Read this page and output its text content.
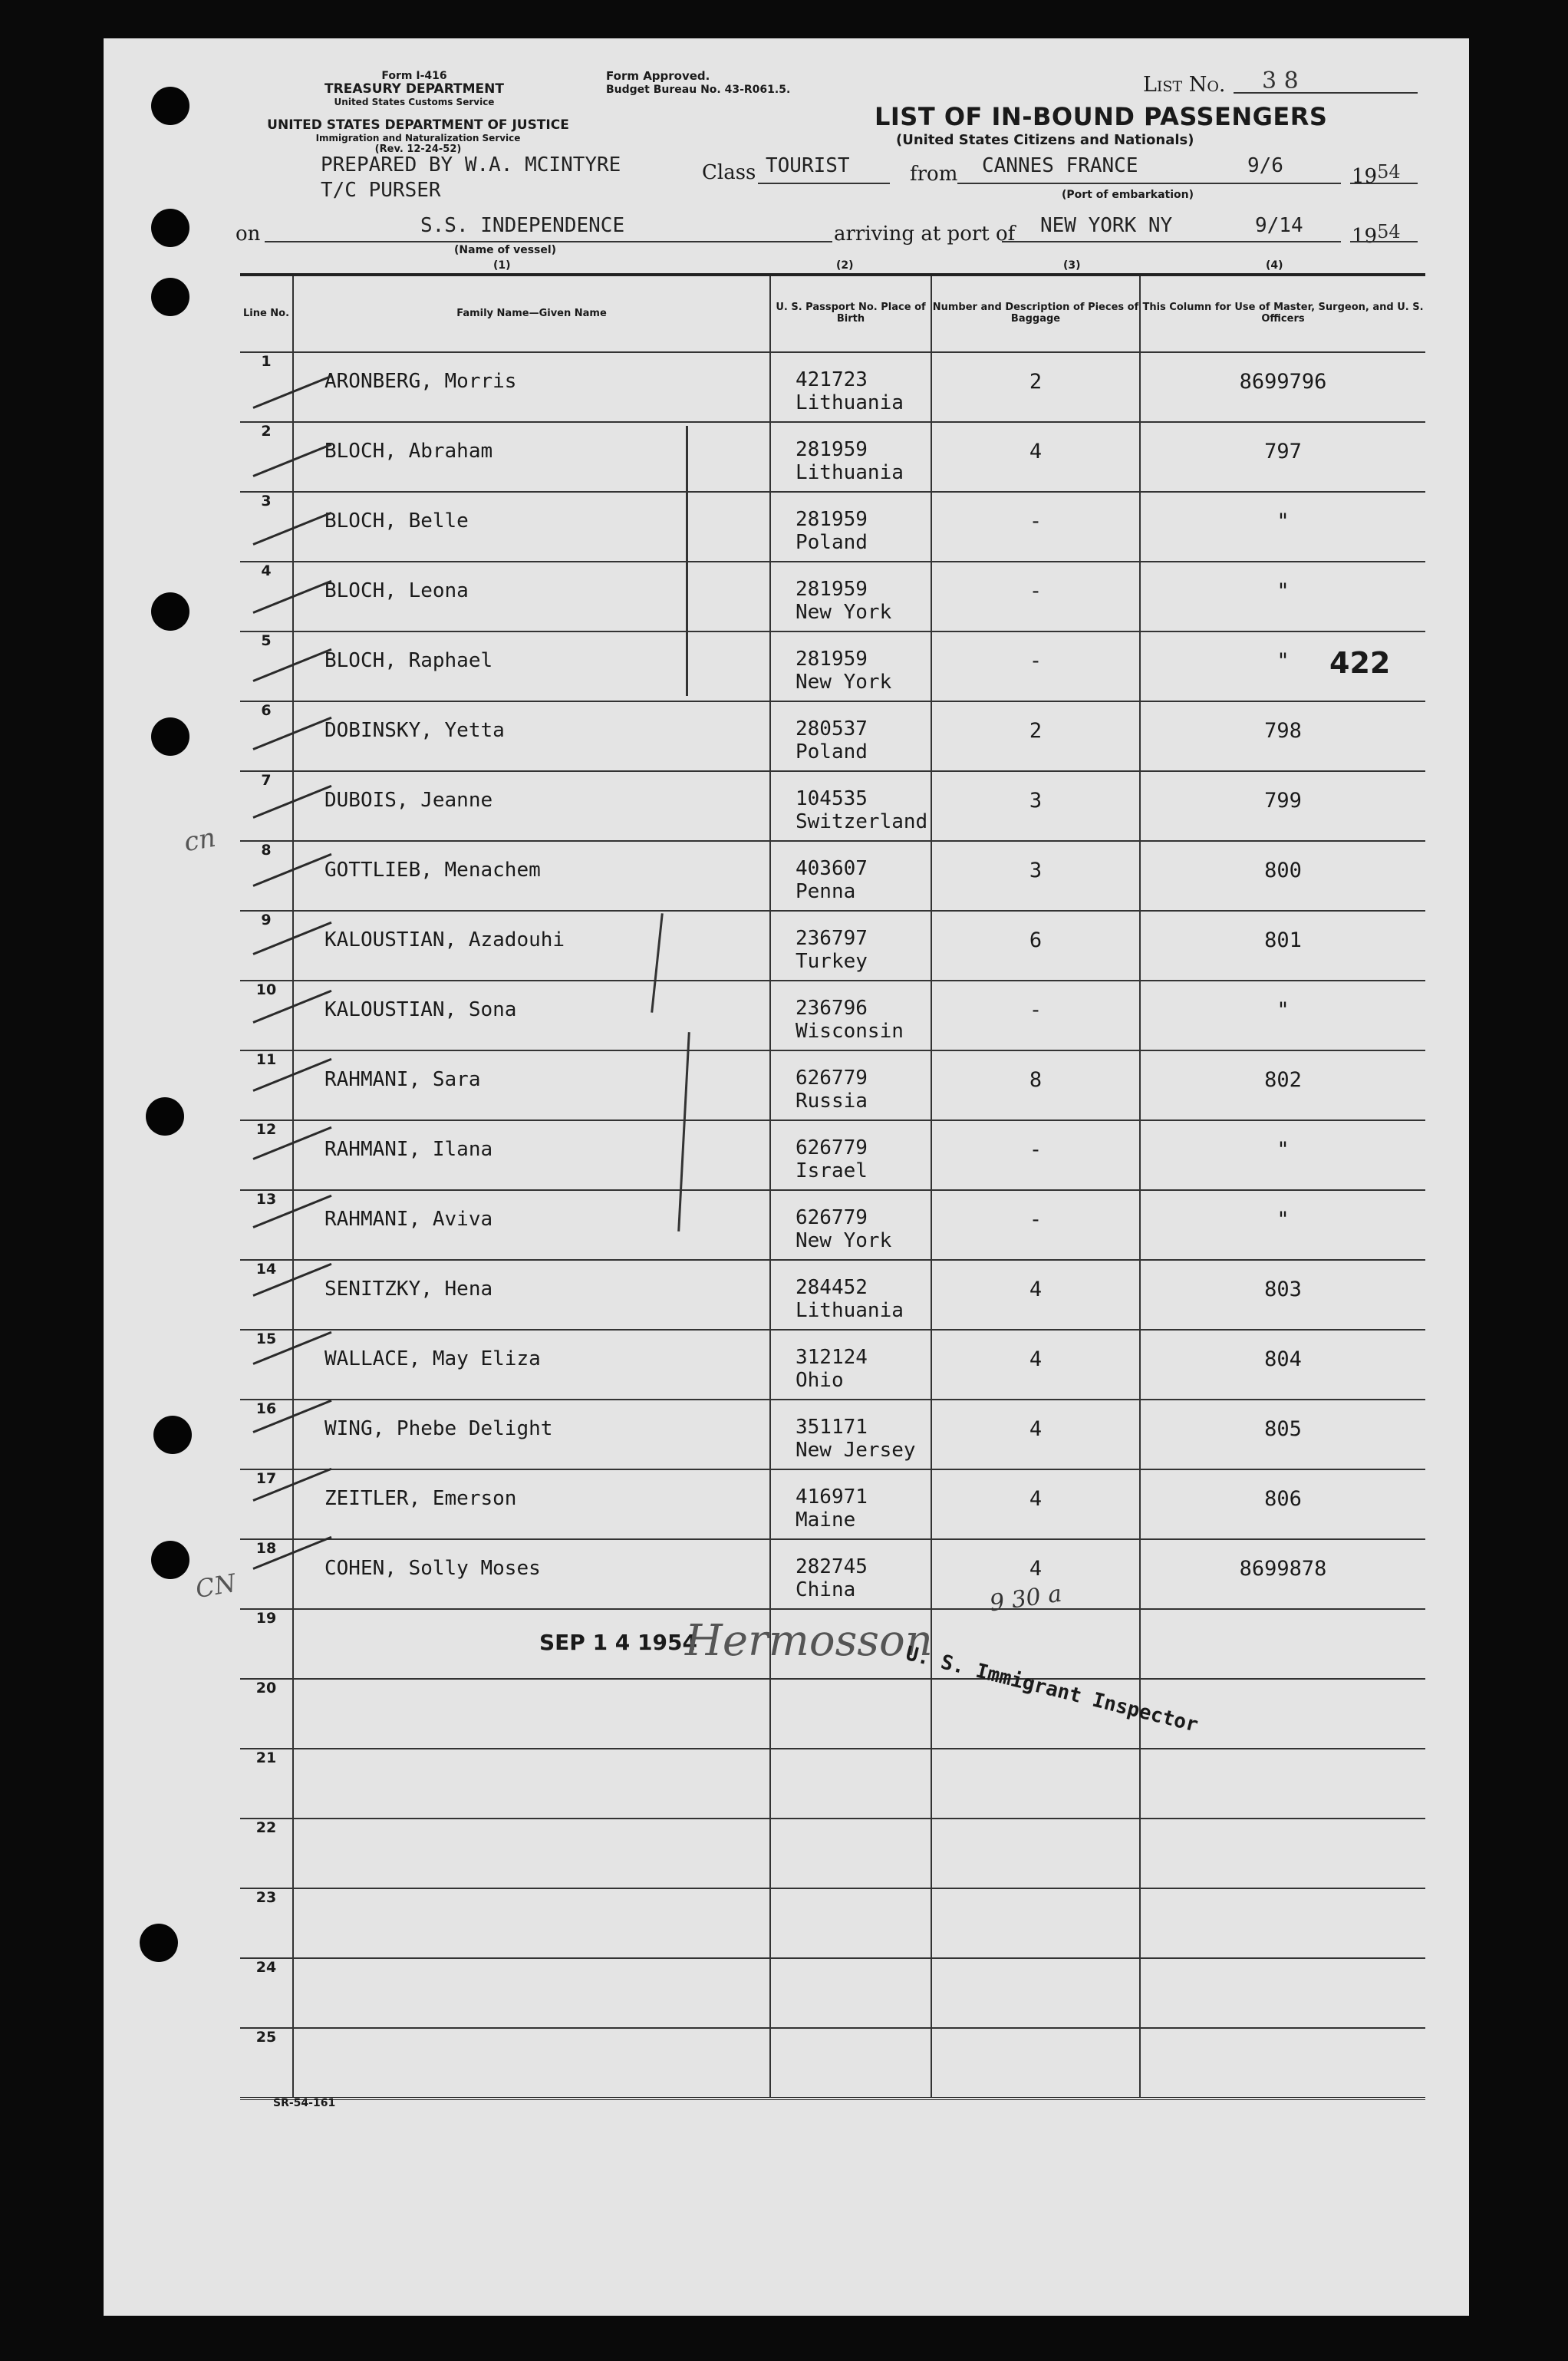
Form I-416
TREASURY DEPARTMENT
United States Customs Service
Form Approved.
Budget Bureau No. 43-R061.5.
UNITED STATES DEPARTMENT OF JUSTICE
Immigration and Naturalization Service
(Rev. 12-24-52)
PREPARED BY W.A. MCINTYRE
T/C PURSER
List No. 3 8
LIST OF IN-BOUND PASSENGERS
(United States Citizens and Nationals)
Class TOURIST	from CANNES FRANCE	9/6	1954
(Port of embarkation)
on	S.S. INDEPENDENCE
(Name of vessel)
arriving at port of NEW YORK NY	9/14 1954
(1)	(2)	(3)	(4)
Line No.	Family Name—Given Name	U. S. Passport No. Place of Birth	Number and Description of Pieces of Baggage	This Column for Use of Master, Surgeon, and U. S. Officers

1	ARONBERG, Morris	421723
Lithuania	2	8699796

2	BLOCH, Abraham	281959
Lithuania	4	797

3	BLOCH, Belle	281959
Poland	-	"

4	BLOCH, Leona	281959
New York	-	"

5	BLOCH, Raphael	281959
New York	-	"

6	DOBINSKY, Yetta	280537
Poland	2	798

7	DUBOIS, Jeanne	104535
Switzerland	3	799

8	GOTTLIEB, Menachem	403607
Penna	3	800

9	KALOUSTIAN, Azadouhi	236797
Turkey	6	801

10	KALOUSTIAN, Sona	236796
Wisconsin	-	"

11	RAHMANI, Sara	626779
Russia	8	802

12	RAHMANI, Ilana	626779
Israel	-	"

13	RAHMANI, Aviva	626779
New York	-	"

14	SENITZKY, Hena	284452
Lithuania	4	803

15	WALLACE, May Eliza	312124
Ohio	4	804

16	WING, Phebe Delight	351171
New Jersey	4	805

17	ZEITLER, Emerson	416971
Maine	4	806

18	COHEN, Solly Moses	282745
China	4	8699878

19				

20				

21				

22				

23				

24				

25				

SEP 1 4 1954
Hermosson
U. S. Immigrant Inspector
9 30 a
422
cn
CN
SR-54-161
